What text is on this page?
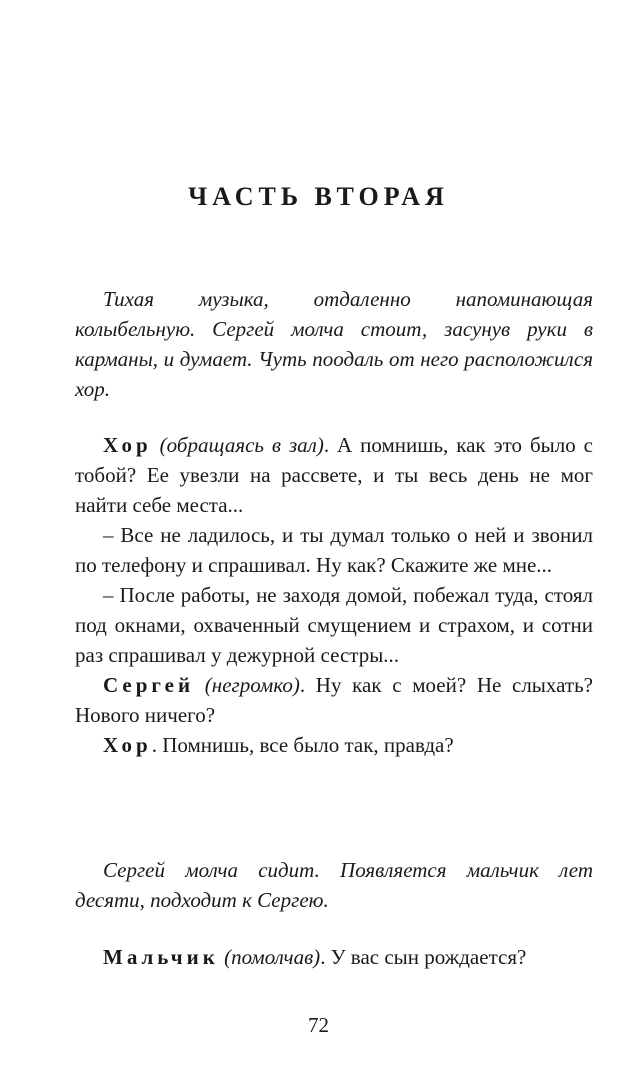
ЧАСТЬ ВТОРАЯ

Тихая музыка, отдаленно напоминающая колыбельную. Сергей молча стоит, засунув руки в карманы, и думает. Чуть поодаль от него расположился хор.

Хор (обращаясь в зал). А помнишь, как это было с тобой? Ее увезли на рассвете, и ты весь день не мог найти себе места...

– Все не ладилось, и ты думал только о ней и звонил по телефону и спрашивал. Ну как? Скажите же мне...

– После работы, не заходя домой, побежал туда, стоял под окнами, охваченный смущением и страхом, и сотни раз спрашивал у дежурной сестры...

Сергей (негромко). Ну как с моей? Не слыхать? Нового ничего?

Хор. Помнишь, все было так, правда?

Сергей молча сидит. Появляется мальчик лет десяти, подходит к Сергею.

Мальчик (помолчав). У вас сын рождается?

72
